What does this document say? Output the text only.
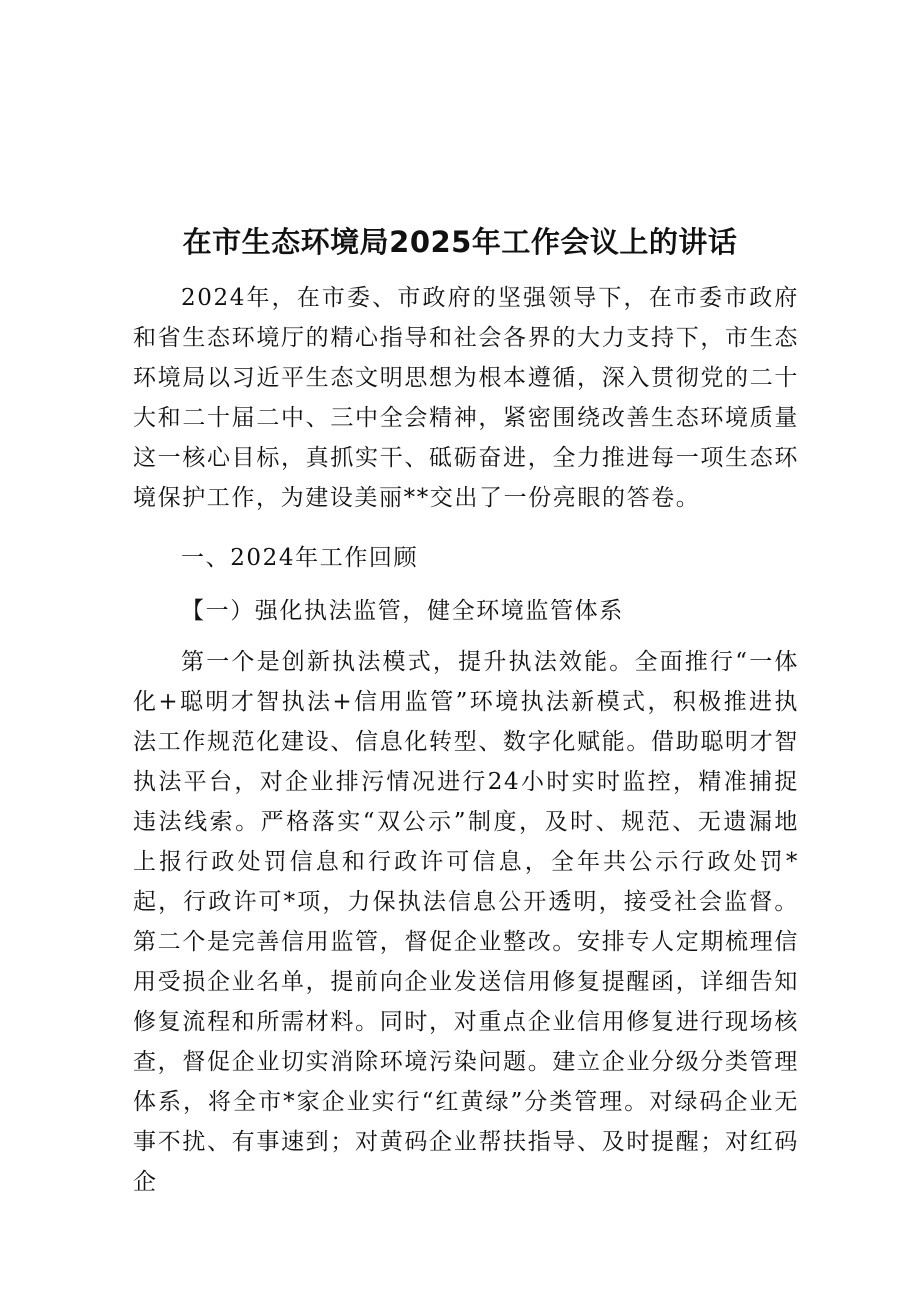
在市生态环境局2025年工作会议上的讲话

2024年，在市委、市政府的坚强领导下，在市委市政府和省生态环境厅的精心指导和社会各界的大力支持下，市生态环境局以习近平生态文明思想为根本遵循，深入贯彻党的二十大和二十届二中、三中全会精神，紧密围绕改善生态环境质量这一核心目标，真抓实干、砥砺奋进，全力推进每一项生态环境保护工作，为建设美丽**交出了一份亮眼的答卷。

一、2024年工作回顾

【一）强化执法监管，健全环境监管体系

第一个是创新执法模式，提升执法效能。全面推行“一体化+聪明才智执法+信用监管”环境执法新模式，积极推进执法工作规范化建设、信息化转型、数字化赋能。借助聪明才智执法平台，对企业排污情况进行24小时实时监控，精准捕捉违法线索。严格落实“双公示”制度，及时、规范、无遗漏地上报行政处罚信息和行政许可信息，全年共公示行政处罚*起，行政许可*项，力保执法信息公开透明，接受社会监督。第二个是完善信用监管，督促企业整改。安排专人定期梳理信用受损企业名单，提前向企业发送信用修复提醒函，详细告知修复流程和所需材料。同时，对重点企业信用修复进行现场核查，督促企业切实消除环境污染问题。建立企业分级分类管理体系，将全市*家企业实行“红黄绿”分类管理。对绿码企业无事不扰、有事速到；对黄码企业帮扶指导、及时提醒；对红码企
